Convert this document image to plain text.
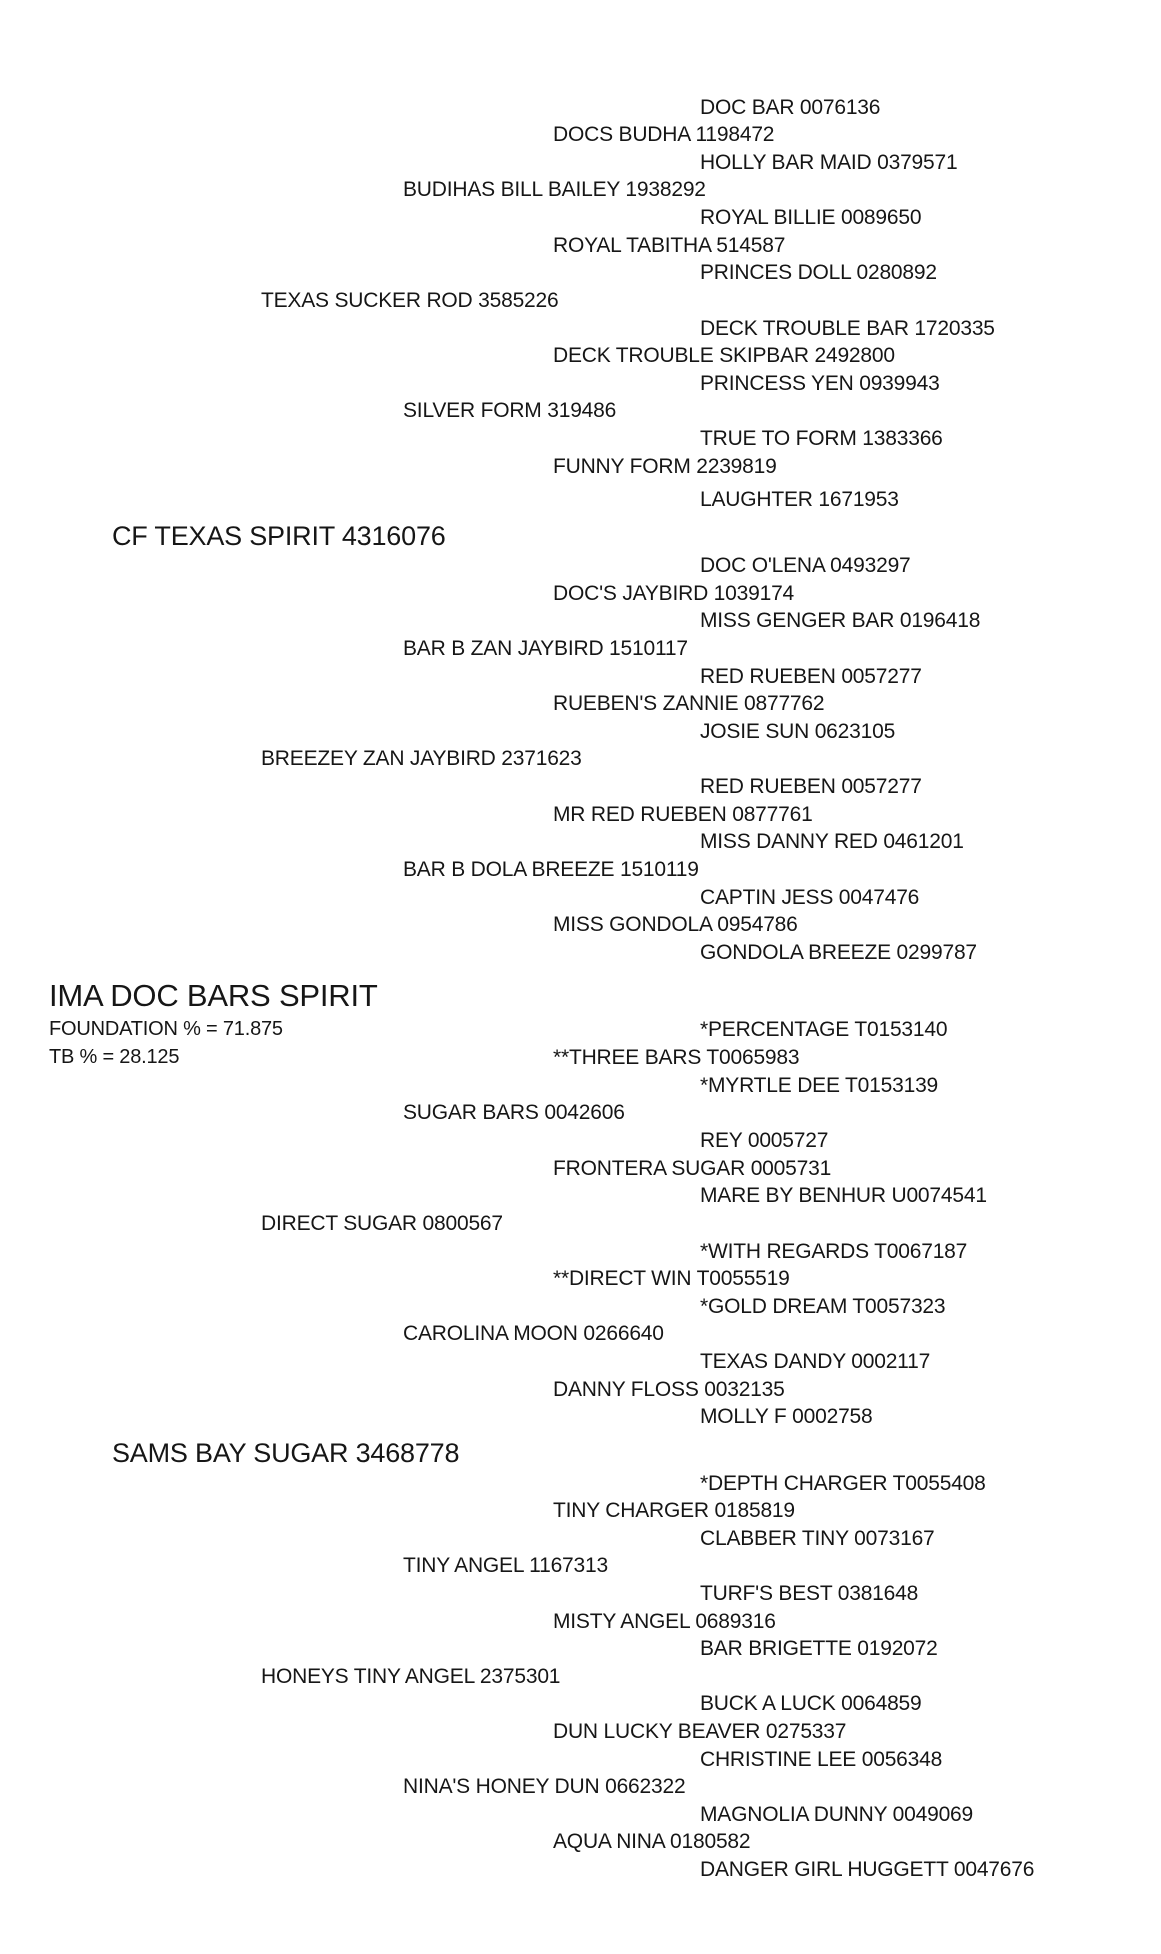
DOC BAR 0076136
DOCS BUDHA 1198472
HOLLY BAR MAID 0379571
BUDIHAS BILL BAILEY 1938292
ROYAL BILLIE 0089650
ROYAL TABITHA 514587
PRINCES DOLL 0280892
TEXAS SUCKER ROD 3585226
DECK TROUBLE BAR 1720335
DECK TROUBLE SKIPBAR 2492800
PRINCESS YEN 0939943
SILVER FORM 319486
TRUE TO FORM 1383366
FUNNY FORM 2239819
LAUGHTER 1671953
CF TEXAS SPIRIT 4316076
DOC O'LENA 0493297
DOC'S JAYBIRD 1039174
MISS GENGER BAR 0196418
BAR B ZAN JAYBIRD 1510117
RED RUEBEN 0057277
RUEBEN'S ZANNIE 0877762
JOSIE SUN 0623105
BREEZEY ZAN JAYBIRD 2371623
RED RUEBEN 0057277
MR RED RUEBEN 0877761
MISS DANNY RED 0461201
BAR B DOLA BREEZE 1510119
CAPTIN JESS 0047476
MISS GONDOLA 0954786
GONDOLA BREEZE 0299787
IMA DOC BARS SPIRIT
FOUNDATION % = 71.875
TB % = 28.125
*PERCENTAGE T0153140
**THREE BARS T0065983
*MYRTLE DEE T0153139
SUGAR BARS 0042606
REY 0005727
FRONTERA SUGAR 0005731
MARE BY BENHUR U0074541
DIRECT SUGAR 0800567
*WITH REGARDS T0067187
**DIRECT WIN T0055519
*GOLD DREAM T0057323
CAROLINA MOON 0266640
TEXAS DANDY 0002117
DANNY FLOSS 0032135
MOLLY F 0002758
SAMS BAY SUGAR 3468778
*DEPTH CHARGER T0055408
TINY CHARGER 0185819
CLABBER TINY 0073167
TINY ANGEL 1167313
TURF'S BEST 0381648
MISTY ANGEL 0689316
BAR BRIGETTE 0192072
HONEYS TINY ANGEL 2375301
BUCK A LUCK 0064859
DUN LUCKY BEAVER 0275337
CHRISTINE LEE 0056348
NINA'S HONEY DUN 0662322
MAGNOLIA DUNNY 0049069
AQUA NINA 0180582
DANGER GIRL HUGGETT 0047676
